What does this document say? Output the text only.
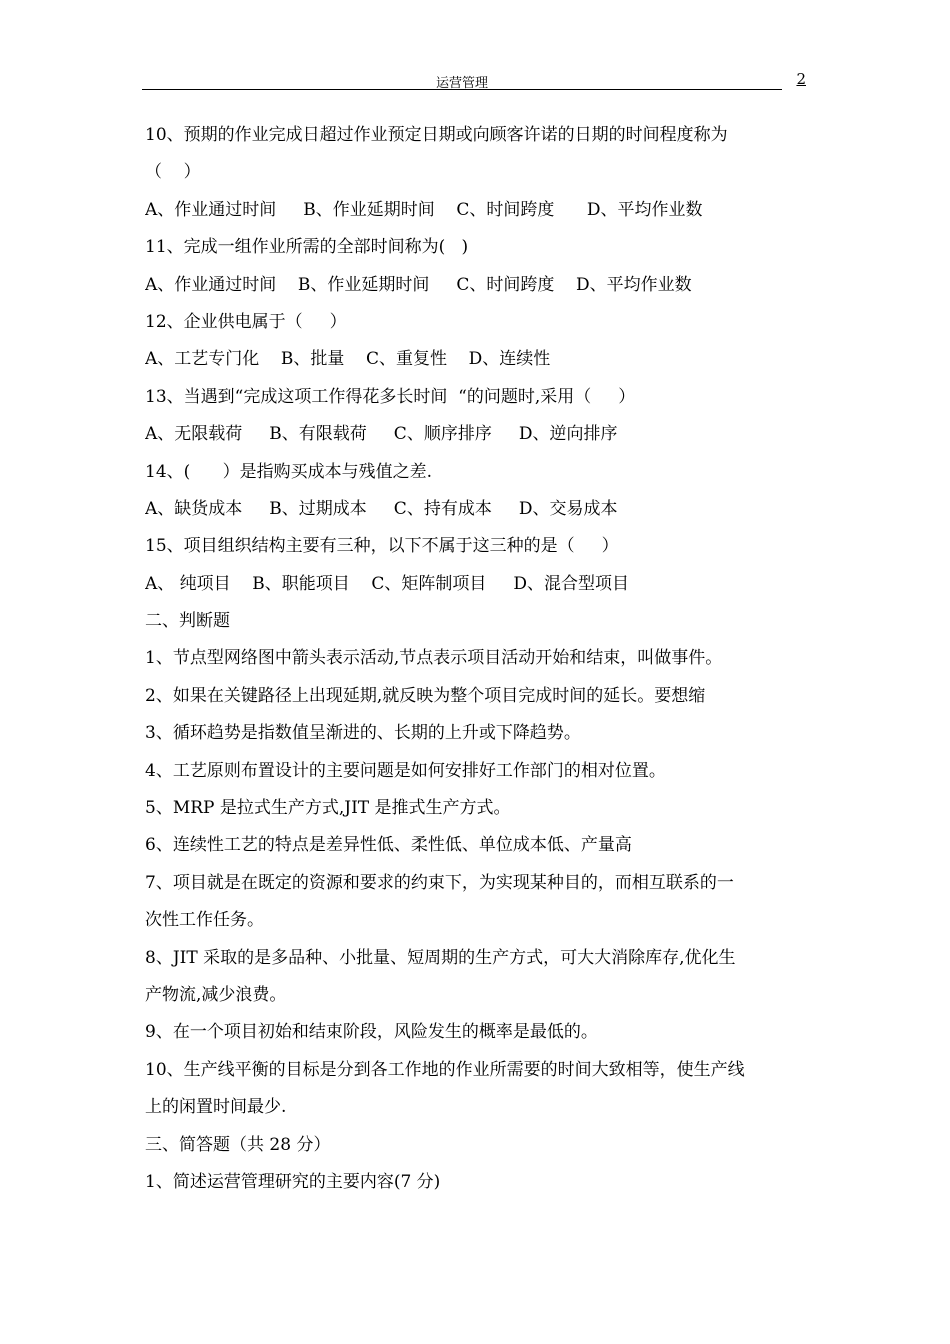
运营管理	2
10、预期的作业完成日超过作业预定日期或向顾客许诺的日期的时间程度称为
（    ）
A、作业通过时间     B、作业延期时间    C、时间跨度      D、平均作业数
11、完成一组作业所需的全部时间称为(   )
A、作业通过时间    B、作业延期时间     C、时间跨度    D、平均作业数
12、企业供电属于（     ）
A、工艺专门化    B、批量    C、重复性    D、连续性
13、当遇到“完成这项工作得花多长时间  “的问题时,采用（     ）
A、无限载荷     B、有限载荷     C、顺序排序     D、逆向排序
14、(      ）是指购买成本与残值之差.
A、缺货成本     B、过期成本     C、持有成本     D、交易成本
15、项目组织结构主要有三种，以下不属于这三种的是（     ）
A、 纯项目    B、职能项目    C、矩阵制项目     D、混合型项目
二、判断题
1、节点型网络图中箭头表示活动,节点表示项目活动开始和结束，叫做事件。
2、如果在关键路径上出现延期,就反映为整个项目完成时间的延长。要想缩
3、循环趋势是指数值呈渐进的、长期的上升或下降趋势。
4、工艺原则布置设计的主要问题是如何安排好工作部门的相对位置。
5、MRP 是拉式生产方式,JIT 是推式生产方式。
6、连续性工艺的特点是差异性低、柔性低、单位成本低、产量高
7、项目就是在既定的资源和要求的约束下，为实现某种目的，而相互联系的一
次性工作任务。
8、JIT 采取的是多品种、小批量、短周期的生产方式，可大大消除库存,优化生
产物流,减少浪费。
9、在一个项目初始和结束阶段，风险发生的概率是最低的。
10、生产线平衡的目标是分到各工作地的作业所需要的时间大致相等，使生产线
上的闲置时间最少.
三、简答题（共 28 分）
1、简述运营管理研究的主要内容(7 分)
